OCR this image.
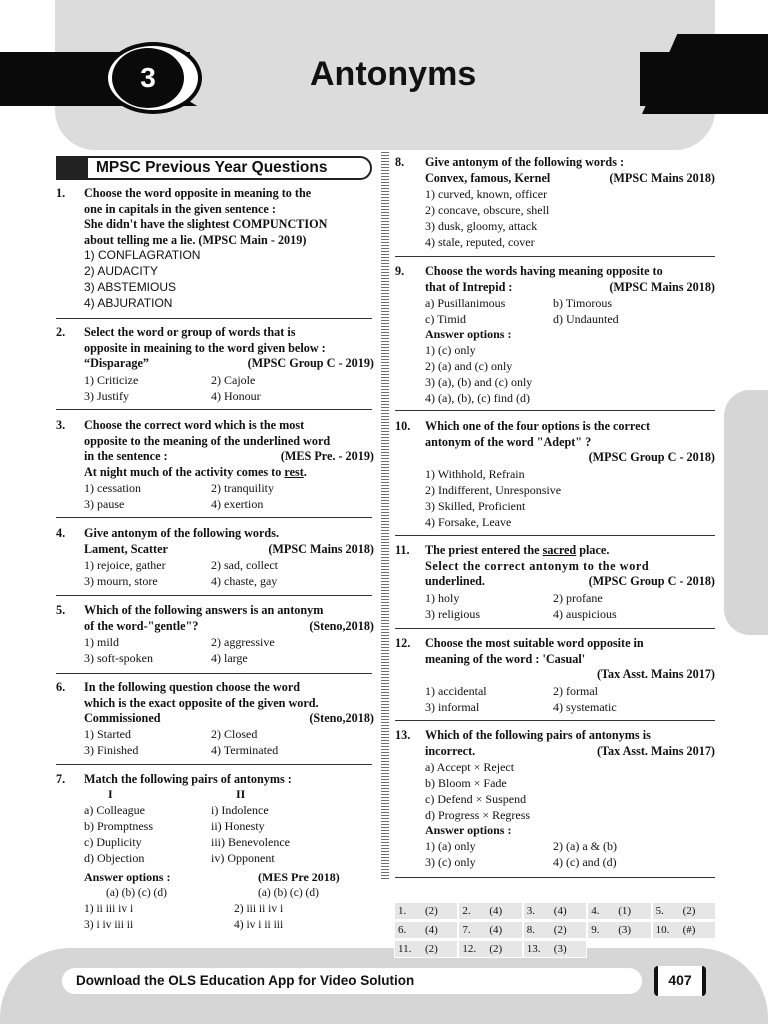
3	Antonyms
MPSC Previous Year Questions
1. Choose the word opposite in meaning to the
one in capitals in the given sentence :
She didn't have the slightest COMPUNCTION
about telling me a lie. (MPSC Main - 2019)
1) CONFLAGRATION
2) AUDACITY
3) ABSTEMIOUS
4) ABJURATION
2. Select the word or group of words that is
opposite in meaining to the word given below :
“Disparage”	(MPSC Group C - 2019)
1) Criticize	2) Cajole
3) Justify	4) Honour
3. Choose the correct word which is the most
opposite to the meaning of the underlined word
in the sentence :	(MES Pre. - 2019)
At night much of the activity comes to rest.
1) cessation	2) tranquility
3) pause	4) exertion
4. Give antonym of the following words.
Lament, Scatter	(MPSC Mains 2018)
1) rejoice, gather	2) sad, collect
3) mourn, store	4) chaste, gay
5. Which of the following answers is an antonym
of the word-"gentle"?	(Steno,2018)
1) mild	2) aggressive
3) soft-spoken	4) large
6. In the following question choose the word
which is the exact opposite of the given word.
Commissioned	(Steno,2018)
1) Started	2) Closed
3) Finished	4) Terminated
7. Match the following pairs of antonyms :
I	II
a) Colleague	i) Indolence
b) Promptness	ii) Honesty
c) Duplicity	iii) Benevolence
d) Objection	iv) Opponent
Answer options :	(MES Pre 2018)
(a) (b) (c) (d)	(a) (b) (c) (d)
1) ii iii iv i	2) iii ii iv i
3) i iv iii ii	4) iv i ii iii
8. Give antonym of the following words :
Convex, famous, Kernel	(MPSC Mains 2018)
1) curved, known, officer
2) concave, obscure, shell
3) dusk, gloomy, attack
4) stale, reputed, cover
9. Choose the words having meaning opposite to
that of Intrepid :	(MPSC Mains 2018)
a) Pusillanimous	b) Timorous
c) Timid	d) Undaunted
Answer options :
1) (c) only
2) (a) and (c) only
3) (a), (b) and (c) only
4) (a), (b), (c) find (d)
10. Which one of the four options is the correct
antonym of the word "Adept" ?
(MPSC Group C - 2018)
1) Withhold, Refrain
2) Indifferent, Unresponsive
3) Skilled, Proficient
4) Forsake, Leave
11. The priest entered the sacred place.
Select the correct antonym to the word
underlined.	(MPSC Group C - 2018)
1) holy	2) profane
3) religious	4) auspicious
12. Choose the most suitable word opposite in
meaning of the word : 'Casual'
(Tax Asst. Mains 2017)
1) accidental	2) formal
3) informal	4) systematic
13. Which of the following pairs of antonyms is
incorrect.	(Tax Asst. Mains 2017)
a) Accept × Reject
b) Bloom × Fade
c) Defend × Suspend
d) Progress × Regress
Answer options :
1) (a) only	2) (a) a & (b)
3) (c) only	4) (c) and (d)
1. (2) 2. (4) 3. (4) 4. (1) 5. (2)
6. (4) 7. (4) 8. (2) 9. (3) 10. (#)
11. (2) 12. (2) 13. (3)
Download the OLS Education App for Video Solution	407
